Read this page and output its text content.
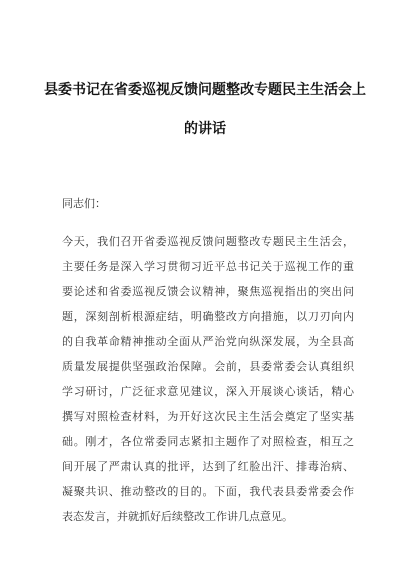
县委书记在省委巡视反馈问题整改专题民主生活会上
的讲话
同志们：
今天，我们召开省委巡视反馈问题整改专题民主生活会，
主要任务是深入学习贯彻习近平总书记关于巡视工作的重
要论述和省委巡视反馈会议精神，聚焦巡视指出的突出问
题，深刻剖析根源症结，明确整改方向措施，以刀刃向内
的自我革命精神推动全面从严治党向纵深发展，为全县高
质量发展提供坚强政治保障。会前，县委常委会认真组织
学习研讨，广泛征求意见建议，深入开展谈心谈话，精心
撰写对照检查材料，为开好这次民主生活会奠定了坚实基
础。刚才，各位常委同志紧扣主题作了对照检查，相互之
间开展了严肃认真的批评，达到了红脸出汗、排毒治病、
凝聚共识、推动整改的目的。下面，我代表县委常委会作
表态发言，并就抓好后续整改工作讲几点意见。
